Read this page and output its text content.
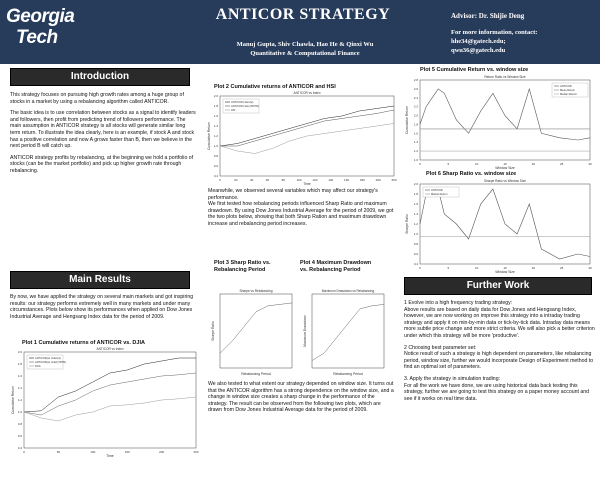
Georgia
Tech
ANTICOR STRATEGY
Manuj Gupta, Shiv Chawla, Hao He & Qinxi Wu
Quantitative & Computational Finance
Advisor: Dr. Shijie Deng
For more information, contact:
hhe34@gatech.edu;
qwu36@gatech.edu
Introduction

This strategy focuses on pursuing high growth rates among a huge group of stocks in a market by using a rebalancing algorithm called ANTICOR.

The basic idea is to use correlation between stocks as a signal to identify leaders and followers, then profit from predicting trend of followers performance. The main assumption in ANTICOR strategy is all stocks will generate similar long term return. To illustrate the idea clearly, here is an example, if stock A and stock has a positive correlation and now A grows faster than B, then we believe in the next period B will catch up.

ANTICOR strategy profits by rebalancing, at the beginning we hold a portfolio of stocks (can be the market portfolio) and pick up higher growth rate through rebalancing.

Main Results

By now, we have applied the strategy on several main markets and got inspiring results: our strategy performs extremely well in many markets and under many circumstances. Plots below show its performances when applied on Dow Jones Industrial Average and Hengsang Index data for the period of 2009.

Plot 1 Cumulative returns of ANTICOR vs. DJIA
ANTICOR vs Index
0.4
0.6
0.8
1.0
1.2
1.4
1.6
1.8
2.0
0	50	100	150	200	250
Time
Cumulative Return
ANTICOR(w) Index(w)
ANTICOR(w) Index(TRTR)
DJIA
Plot 2 Cumulative returns of ANTICOR and HSI
ANTICOR vs Index
0.4
0.6
0.8
1.0
1.2
1.4
1.6
1.8
2.0
0	20	40	60	80	100	120	140	160	180	200	250
Time
Cumulative Return
ANTICOR Index(w)
ANTICOR Index(TR/TR)
HSI

Meanwhile, we observed several variables which may affect our strategy's performance.

We first tested how rebalancing periods influenced Sharp Ratio and maximum drawdown. By using Dow Jones Industrial Average for the period of 2009, we got the two plots below, showing that both Sharp Ration and maximum drawdown increase and rebalancing period increases.

Plot 3 Sharp Ratio vs. Rebalancing Period
Plot 4 Maximum Drawdown vs. Rebalancing Period
Sharpe vs Rebalancing
Rebalancing Period
Sharpe Ratio
Maximum Drawdown vs Rebalancing
Rebalancing Period
Maximum Drawdown

We also tested to what extent our strategy depended on window size. It turns out that the ANTICOR algorithm has a strong dependence on the window size, and a change in window size creates a sharp change in the performance of the strategy. The result can be observed from the following two plots, which are drawn from Dow Jones Industrial Average data for the period of 2009.

Plot 5 Cumulative Return vs. window size
Return Ratio vs Window Size
1.0
1.2
1.4
1.6
1.8
2.0
2.2
2.4
2.6
2.8
0	5	10	15	20	25	30
Window Size
Cumulative Return
ANTICOR
Mean Return
Median Return
Plot 6 Sharp Ratio vs. window size
Sharpe Ratio vs Window Size
0.4
0.6
0.8
1.0
1.2
1.4
1.6
1.8
2.0
0	5	10	15	20	25	30
Window Size
Sharpe Ratio
ANTICOR
Market Return
Further Work

1 Evolve into a high frequency trading strategy:

Above results are based on daily data for Dow Jones and Hengsang Index, however, we are now working on improve this strategy into a intraday trading strategy and apply it on min-by-min data or tick-by-tick data. Intraday data means more subtle price change and more strict criteria. We will also pick a better criterion under which this strategy will be more 'productive'.

2 Choosing best parameter set:

Notice result of such a strategy is high dependent on parameters, like rebalancing period, window size, further we would incorporate Design of Experiment method to find an optimal set of parameters.

3. Apply the strategy in simulation trading:

For all the work we have done, we are using historical data back testing this strategy, further we are going to test this strategy on a paper money account and see if it works on real time data.
